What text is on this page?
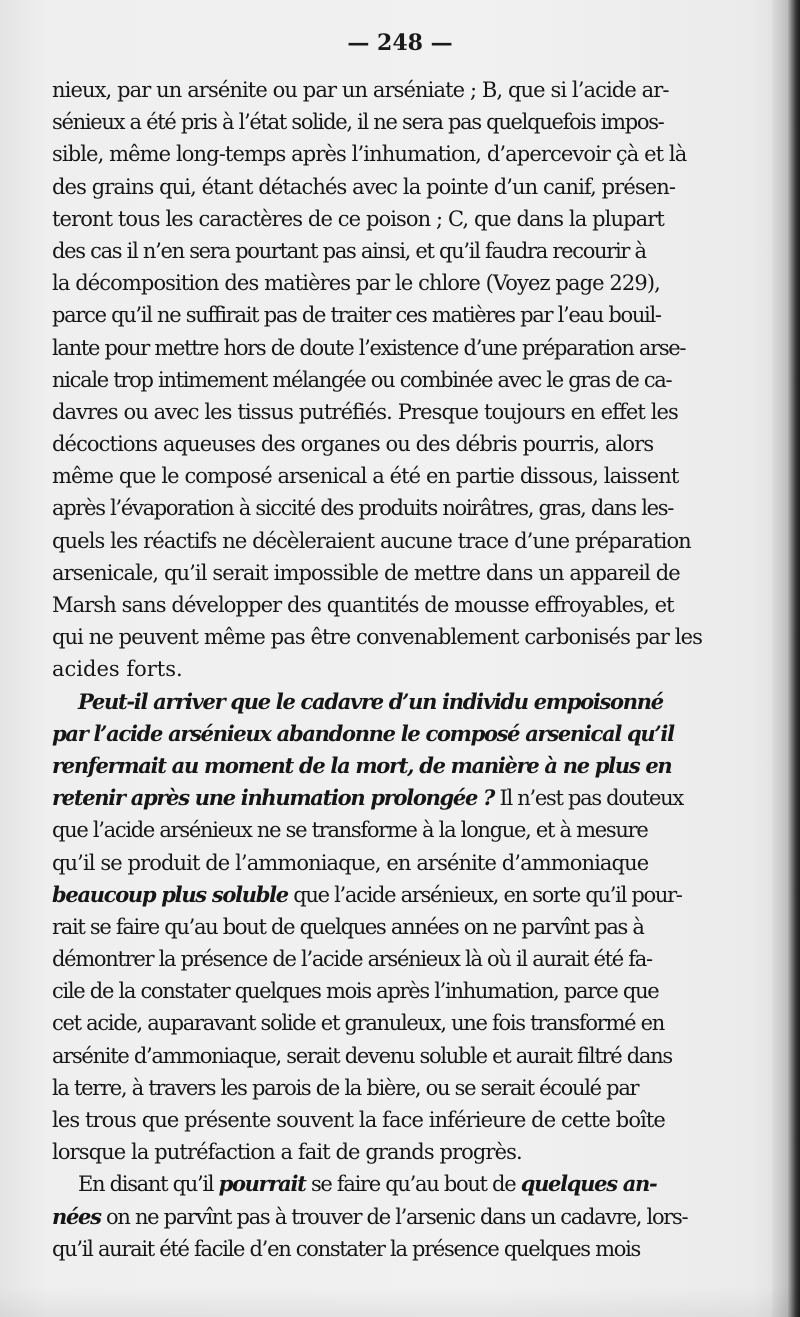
— 248 —
nieux, par un arsénite ou par un arséniate ; B, que si l’acide ar-
sénieux a été pris à l’état solide, il ne sera pas quelquefois impos-
sible, même long-temps après l’inhumation, d’apercevoir çà et là
des grains qui, étant détachés avec la pointe d’un canif, présen-
teront tous les caractères de ce poison ; C, que dans la plupart
des cas il n’en sera pourtant pas ainsi, et qu’il faudra recourir à
la décomposition des matières par le chlore (Voyez page 229),
parce qu’il ne suffirait pas de traiter ces matières par l’eau bouil-
lante pour mettre hors de doute l’existence d’une préparation arse-
nicale trop intimement mélangée ou combinée avec le gras de ca-
davres ou avec les tissus putréfiés. Presque toujours en effet les
décoctions aqueuses des organes ou des débris pourris, alors
même que le composé arsenical a été en partie dissous, laissent
après l’évaporation à siccité des produits noirâtres, gras, dans les-
quels les réactifs ne décèleraient aucune trace d’une préparation
arsenicale, qu’il serait impossible de mettre dans un appareil de
Marsh sans développer des quantités de mousse effroyables, et
qui ne peuvent même pas être convenablement carbonisés par les
acides forts.
Peut-il arriver que le cadavre d’un individu empoisonné
par l’acide arsénieux abandonne le composé arsenical qu’il
renfermait au moment de la mort, de manière à ne plus en
retenir après une inhumation prolongée ? Il n’est pas douteux
que l’acide arsénieux ne se transforme à la longue, et à mesure
qu’il se produit de l’ammoniaque, en arsénite d’ammoniaque
beaucoup plus soluble que l’acide arsénieux, en sorte qu’il pour-
rait se faire qu’au bout de quelques années on ne parvînt pas à
démontrer la présence de l’acide arsénieux là où il aurait été fa-
cile de la constater quelques mois après l’inhumation, parce que
cet acide, auparavant solide et granuleux, une fois transformé en
arsénite d’ammoniaque, serait devenu soluble et aurait filtré dans
la terre, à travers les parois de la bière, ou se serait écoulé par
les trous que présente souvent la face inférieure de cette boîte
lorsque la putréfaction a fait de grands progrès.
En disant qu’il pourrait se faire qu’au bout de quelques an-
nées on ne parvînt pas à trouver de l’arsenic dans un cadavre, lors-
qu’il aurait été facile d’en constater la présence quelques mois
